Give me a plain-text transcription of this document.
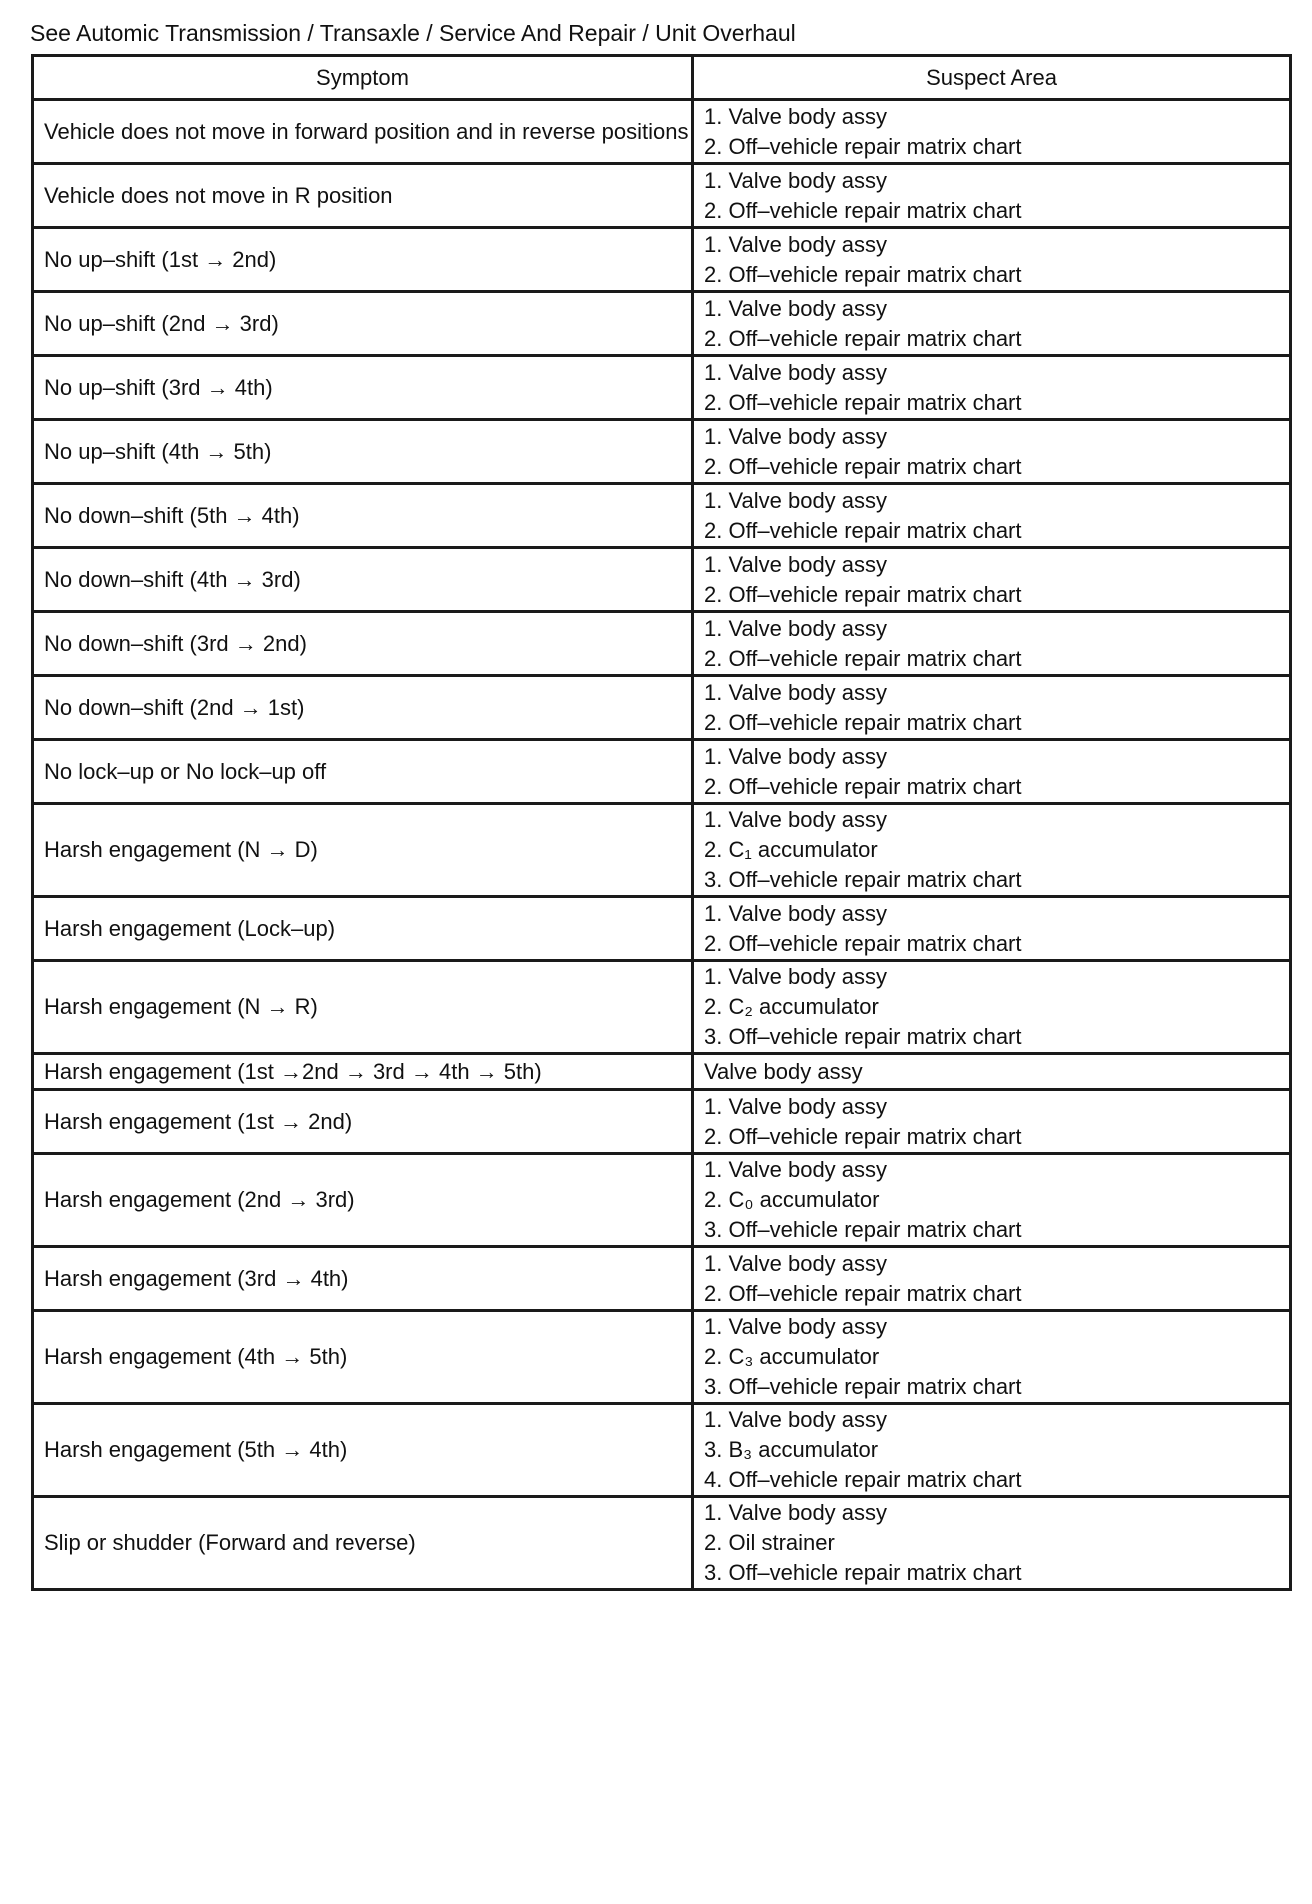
See Automic Transmission / Transaxle / Service And Repair / Unit Overhaul
Symptom	Suspect Area
Vehicle does not move in forward position and in reverse positions	1. Valve body assy
2. Off–vehicle repair matrix chart

Vehicle does not move in R position	1. Valve body assy
2. Off–vehicle repair matrix chart

No up–shift (1st → 2nd)	1. Valve body assy
2. Off–vehicle repair matrix chart

No up–shift (2nd → 3rd)	1. Valve body assy
2. Off–vehicle repair matrix chart

No up–shift (3rd → 4th)	1. Valve body assy
2. Off–vehicle repair matrix chart

No up–shift (4th → 5th)	1. Valve body assy
2. Off–vehicle repair matrix chart

No down–shift (5th → 4th)	1. Valve body assy
2. Off–vehicle repair matrix chart

No down–shift (4th → 3rd)	1. Valve body assy
2. Off–vehicle repair matrix chart

No down–shift (3rd → 2nd)	1. Valve body assy
2. Off–vehicle repair matrix chart

No down–shift (2nd → 1st)	1. Valve body assy
2. Off–vehicle repair matrix chart

No lock–up or No lock–up off	1. Valve body assy
2. Off–vehicle repair matrix chart

Harsh engagement (N → D)	1. Valve body assy
2. C₁ accumulator
3. Off–vehicle repair matrix chart

Harsh engagement (Lock–up)	1. Valve body assy
2. Off–vehicle repair matrix chart

Harsh engagement (N → R)	1. Valve body assy
2. C₂ accumulator
3. Off–vehicle repair matrix chart

Harsh engagement (1st →2nd → 3rd → 4th → 5th)	Valve body assy

Harsh engagement (1st → 2nd)	1. Valve body assy
2. Off–vehicle repair matrix chart

Harsh engagement (2nd → 3rd)	1. Valve body assy
2. C₀ accumulator
3. Off–vehicle repair matrix chart

Harsh engagement (3rd → 4th)	1. Valve body assy
2. Off–vehicle repair matrix chart

Harsh engagement (4th → 5th)	1. Valve body assy
2. C₃ accumulator
3. Off–vehicle repair matrix chart

Harsh engagement (5th → 4th)	1. Valve body assy
3. B₃ accumulator
4. Off–vehicle repair matrix chart

Slip or shudder (Forward and reverse)	1. Valve body assy
2. Oil strainer
3. Off–vehicle repair matrix chart
